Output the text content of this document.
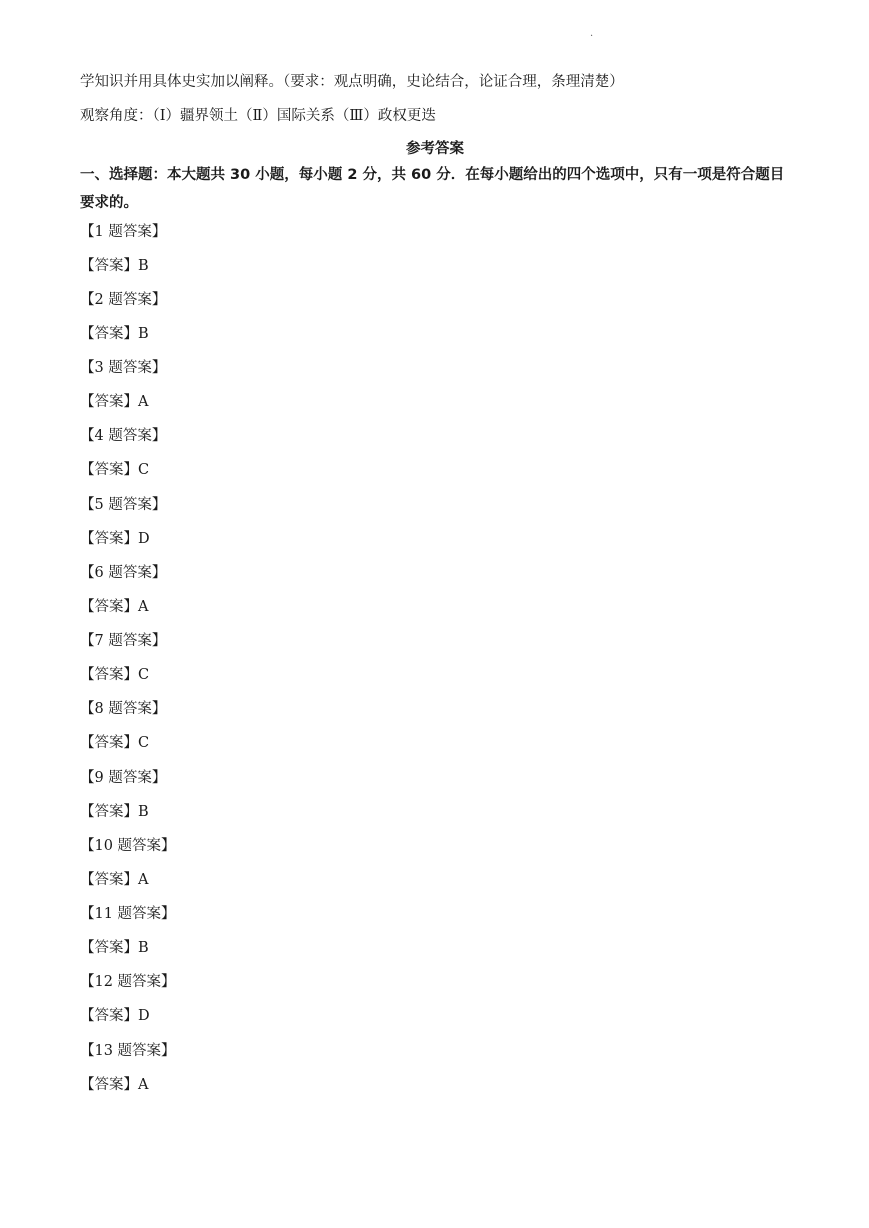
·
学知识并用具体史实加以阐释。（要求：观点明确，史论结合，论证合理，条理清楚）
观察角度：（Ⅰ）疆界领土（Ⅱ）国际关系（Ⅲ）政权更迭
参考答案
一、选择题：本大题共 30 小题，每小题 2 分，共 60 分．在每小题给出的四个选项中，只有一项是符合题目要求的。
【1 题答案】
【答案】B
【2 题答案】
【答案】B
【3 题答案】
【答案】A
【4 题答案】
【答案】C
【5 题答案】
【答案】D
【6 题答案】
【答案】A
【7 题答案】
【答案】C
【8 题答案】
【答案】C
【9 题答案】
【答案】B
【10 题答案】
【答案】A
【11 题答案】
【答案】B
【12 题答案】
【答案】D
【13 题答案】
【答案】A
